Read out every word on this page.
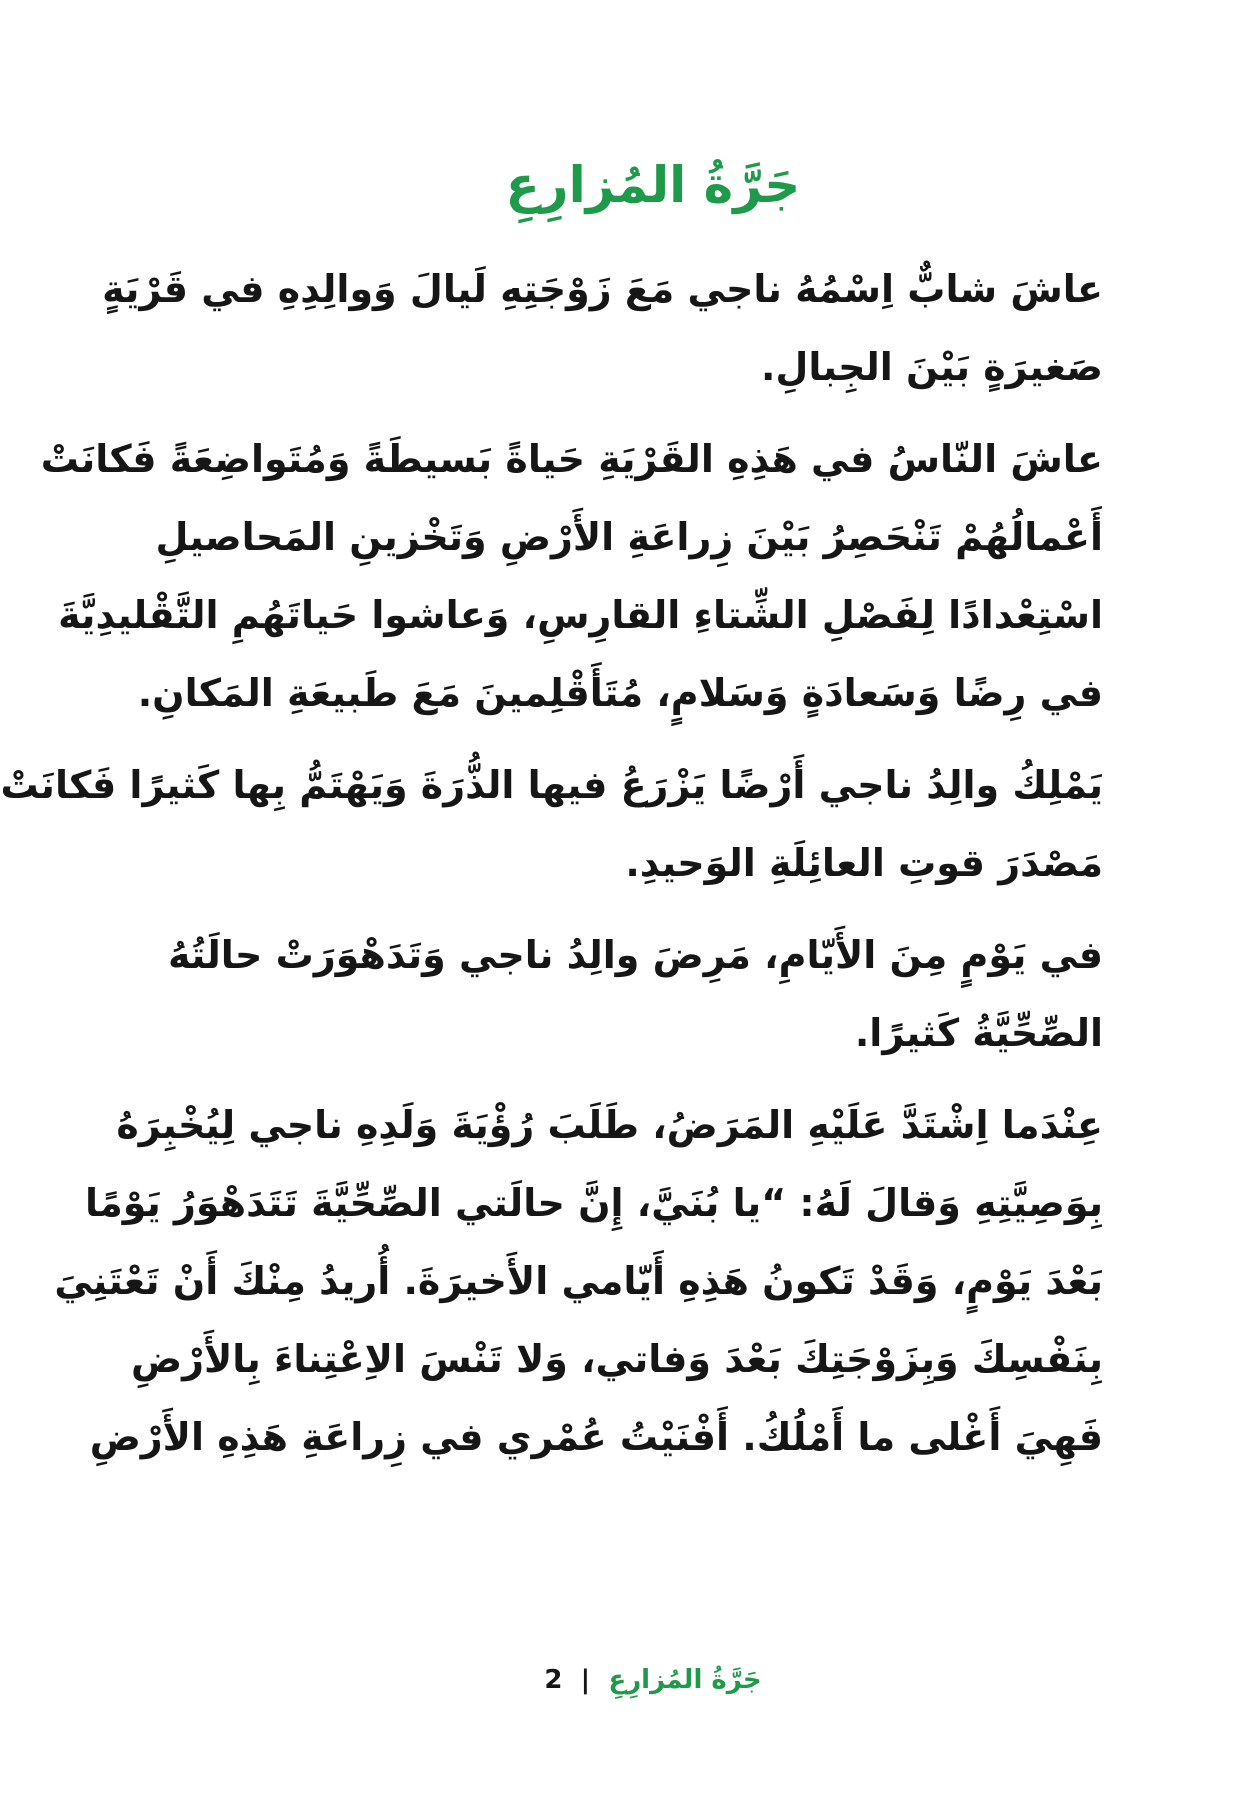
جَرَّةُ المُزارِعِ

عاشَ شابٌّ اِسْمُهُ ناجي مَعَ زَوْجَتِهِ لَيالَ وَوالِدِهِ في قَرْيَةٍ
صَغيرَةٍ بَيْنَ الجِبالِ.

عاشَ النّاسُ في هَذِهِ القَرْيَةِ حَياةً بَسيطَةً وَمُتَواضِعَةً فَكانَتْ
أَعْمالُهُمْ تَنْحَصِرُ بَيْنَ زِراعَةِ الأَرْضِ وَتَخْزينِ المَحاصيلِ
اسْتِعْدادًا لِفَصْلِ الشِّتاءِ القارِسِ، وَعاشوا حَياتَهُمِ التَّقْليدِيَّةَ
في رِضًا وَسَعادَةٍ وَسَلامٍ، مُتَأَقْلِمينَ مَعَ طَبيعَةِ المَكانِ.

يَمْلِكُ والِدُ ناجي أَرْضًا يَزْرَعُ فيها الذُّرَةَ وَيَهْتَمُّ بِها كَثيرًا فَكانَتْ
مَصْدَرَ قوتِ العائِلَةِ الوَحيدِ.

في يَوْمٍ مِنَ الأَيّامِ، مَرِضَ والِدُ ناجي وَتَدَهْوَرَتْ حالَتُهُ
الصِّحِّيَّةُ كَثيرًا.

عِنْدَما اِشْتَدَّ عَلَيْهِ المَرَضُ، طَلَبَ رُؤْيَةَ وَلَدِهِ ناجي لِيُخْبِرَهُ
بِوَصِيَّتِهِ وَقالَ لَهُ: “يا بُنَيَّ، إِنَّ حالَتي الصِّحِّيَّةَ تَتَدَهْوَرُ يَوْمًا
بَعْدَ يَوْمٍ، وَقَدْ تَكونُ هَذِهِ أَيّامي الأَخيرَةَ. أُريدُ مِنْكَ أَنْ تَعْتَنِيَ
بِنَفْسِكَ وَبِزَوْجَتِكَ بَعْدَ وَفاتي، وَلا تَنْسَ الاِعْتِناءَ بِالأَرْضِ
فَهِيَ أَغْلى ما أَمْلُكُ. أَفْنَيْتُ عُمْري في زِراعَةِ هَذِهِ الأَرْضِ

جَرَّةُ المُزارِعِ | 2
